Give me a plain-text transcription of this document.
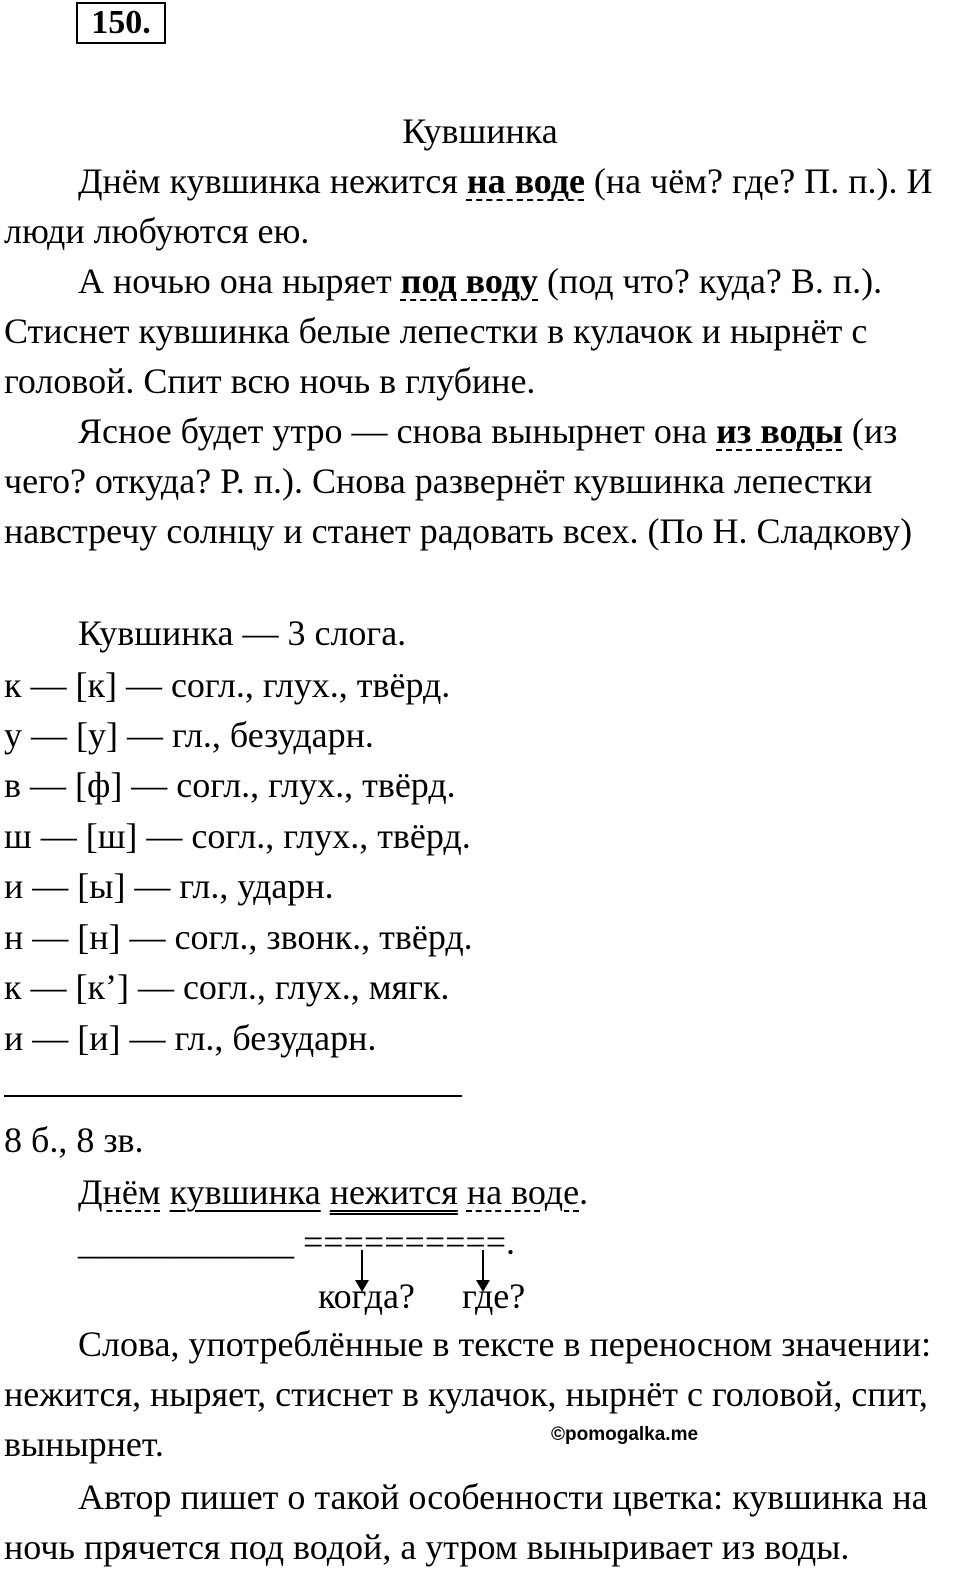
150.
Кувшинка
Днём кувшинка нежится на воде (на чём? где? П. п.). И люди любуются ею.
А ночью она ныряет под воду (под что? куда? В. п.). Стиснет кувшинка белые лепестки в кулачок и нырнёт с головой. Спит всю ночь в глубине.
Ясное будет утро — снова вынырнет она из воды (из чего? откуда? Р. п.). Снова развернёт кувшинка лепестки навстречу солнцу и станет радовать всех. (По Н. Сладкову)
Кувшинка — 3 слога.
к — [к] — согл., глух., твёрд.
у — [у] — гл., безударн.
в — [ф] — согл., глух., твёрд.
ш — [ш] — согл., глух., твёрд.
и — [ы] — гл., ударн.
н — [н] — согл., звонк., твёрд.
к — [к’] — согл., глух., мягк.
и — [и] — гл., безударн.
8 б., 8 зв.
Днём кувшинка нежится на воде.
____________ ==========.
когда? где?
Слова, употреблённые в тексте в переносном значении: нежится, ныряет, стиснет в кулачок, нырнёт с головой, спит, вынырнет.	©pomogalka.me
Автор пишет о такой особенности цветка: кувшинка на ночь прячется под водой, а утром выныривает из воды.
